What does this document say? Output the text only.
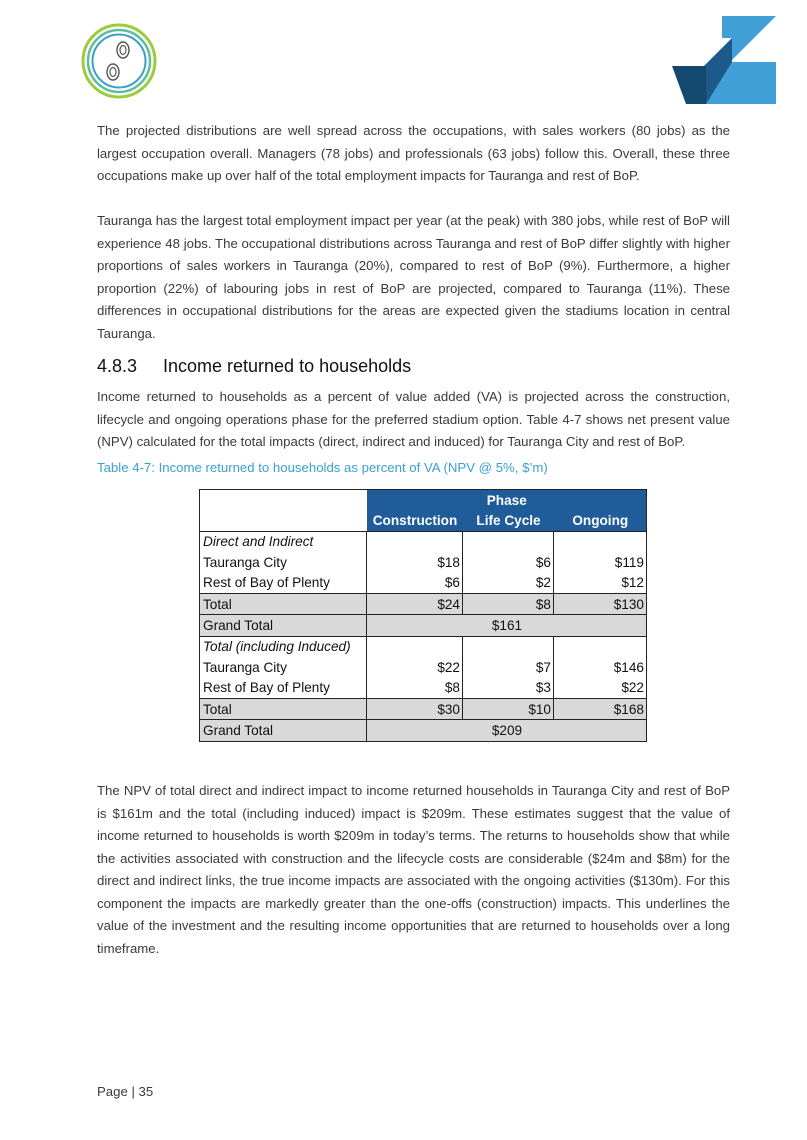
The projected distributions are well spread across the occupations, with sales workers (80 jobs) as the largest occupation overall. Managers (78 jobs) and professionals (63 jobs) follow this. Overall, these three occupations make up over half of the total employment impacts for Tauranga and rest of BoP.

Tauranga has the largest total employment impact per year (at the peak) with 380 jobs, while rest of BoP will experience 48 jobs. The occupational distributions across Tauranga and rest of BoP differ slightly with higher proportions of sales workers in Tauranga (20%), compared to rest of BoP (9%). Furthermore, a higher proportion (22%) of labouring jobs in rest of BoP are projected, compared to Tauranga (11%). These differences in occupational distributions for the areas are expected given the stadiums location in central Tauranga.

4.8.3 Income returned to households

Income returned to households as a percent of value added (VA) is projected across the construction, lifecycle and ongoing operations phase for the preferred stadium option. Table 4-7 shows net present value (NPV) calculated for the total impacts (direct, indirect and induced) for Tauranga City and rest of BoP.

Table 4-7: Income returned to households as percent of VA (NPV @ 5%, $’m)

	Phase		
	Construction	Life Cycle	Ongoing
Direct and Indirect			
Tauranga City	$18	$6	$119
Rest of Bay of Plenty	$6	$2	$12
Total	$24	$8	$130
Grand Total	$161		
Total (including Induced)			
Tauranga City	$22	$7	$146
Rest of Bay of Plenty	$8	$3	$22
Total	$30	$10	$168
Grand Total	$209		

The NPV of total direct and indirect impact to income returned households in Tauranga City and rest of BoP is $161m and the total (including induced) impact is $209m. These estimates suggest that the value of income returned to households is worth $209m in today’s terms. The returns to households show that while the activities associated with construction and the lifecycle costs are considerable ($24m and $8m) for the direct and indirect links, the true income impacts are associated with the ongoing activities ($130m). For this component the impacts are markedly greater than the one-offs (construction) impacts. This underlines the value of the investment and the resulting income opportunities that are returned to households over a long timeframe.

Page | 35
